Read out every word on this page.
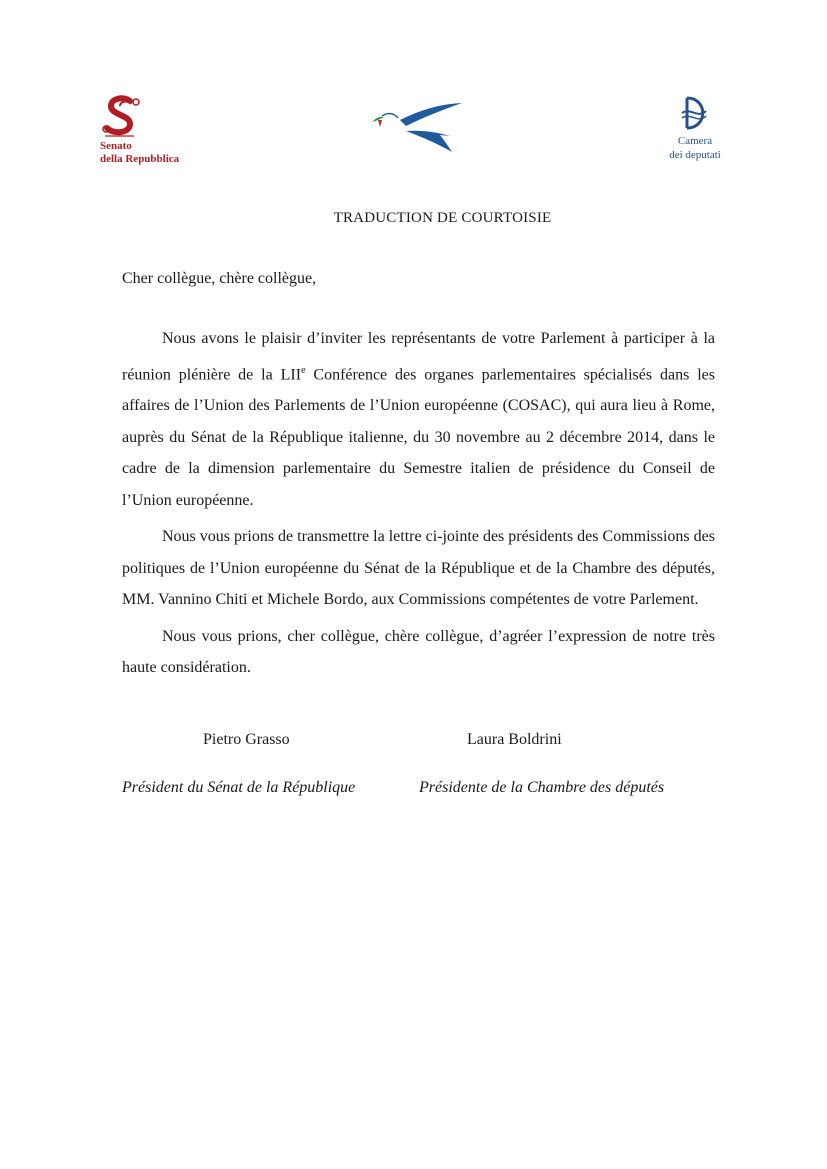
Senato
della Repubblica
Camera
dei deputati
TRADUCTION DE COURTOISIE
Cher collègue, chère collègue,

Nous avons le plaisir d’inviter les représentants de votre Parlement à participer à la réunion plénière de la LIIe Conférence des organes parlementaires spécialisés dans les affaires de l’Union des Parlements de l’Union européenne (COSAC), qui aura lieu à Rome, auprès du Sénat de la République italienne, du 30 novembre au 2 décembre 2014, dans le cadre de la dimension parlementaire du Semestre italien de présidence du Conseil de l’Union européenne.

Nous vous prions de transmettre la lettre ci-jointe des présidents des Commissions des politiques de l’Union européenne du Sénat de la République et de la Chambre des députés, MM. Vannino Chiti et Michele Bordo, aux Commissions compétentes de votre Parlement.

Nous vous prions, cher collègue, chère collègue, d’agréer l’expression de notre très haute considération.

Pietro Grasso	Laura Boldrini
Président du Sénat de la République	Présidente de la Chambre des députés
